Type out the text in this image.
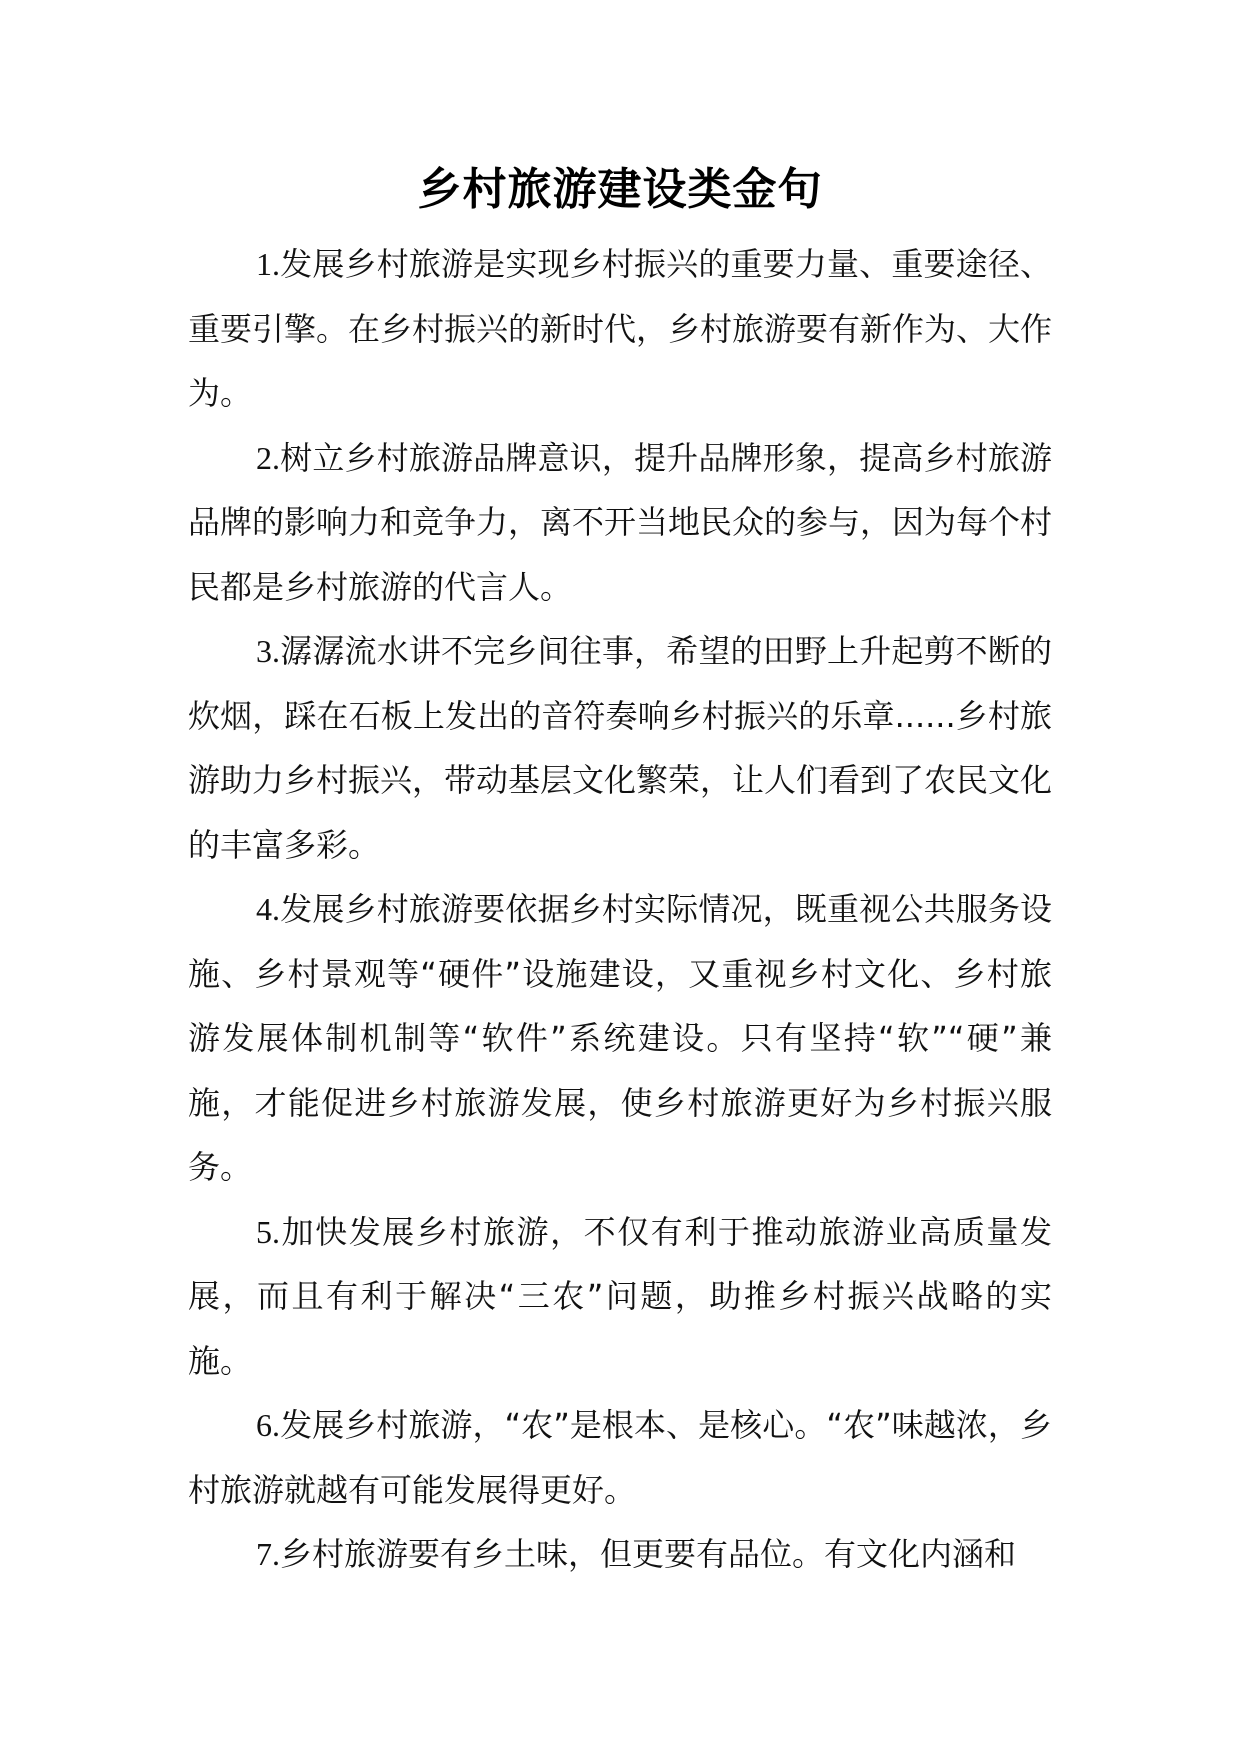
乡村旅游建设类金句

1.发展乡村旅游是实现乡村振兴的重要力量、重要途径、重要引擎。在乡村振兴的新时代，乡村旅游要有新作为、大作为。

2.树立乡村旅游品牌意识，提升品牌形象，提高乡村旅游品牌的影响力和竞争力，离不开当地民众的参与，因为每个村民都是乡村旅游的代言人。

3.潺潺流水讲不完乡间往事，希望的田野上升起剪不断的炊烟，踩在石板上发出的音符奏响乡村振兴的乐章......乡村旅游助力乡村振兴，带动基层文化繁荣，让人们看到了农民文化的丰富多彩。

4.发展乡村旅游要依据乡村实际情况，既重视公共服务设施、乡村景观等“硬件”设施建设，又重视乡村文化、乡村旅游发展体制机制等“软件”系统建设。只有坚持“软”“硬”兼施，才能促进乡村旅游发展，使乡村旅游更好为乡村振兴服务。

5.加快发展乡村旅游，不仅有利于推动旅游业高质量发展，而且有利于解决“三农”问题，助推乡村振兴战略的实施。

6.发展乡村旅游，“农”是根本、是核心。“农”味越浓，乡村旅游就越有可能发展得更好。

7.乡村旅游要有乡土味，但更要有品位。有文化内涵和
